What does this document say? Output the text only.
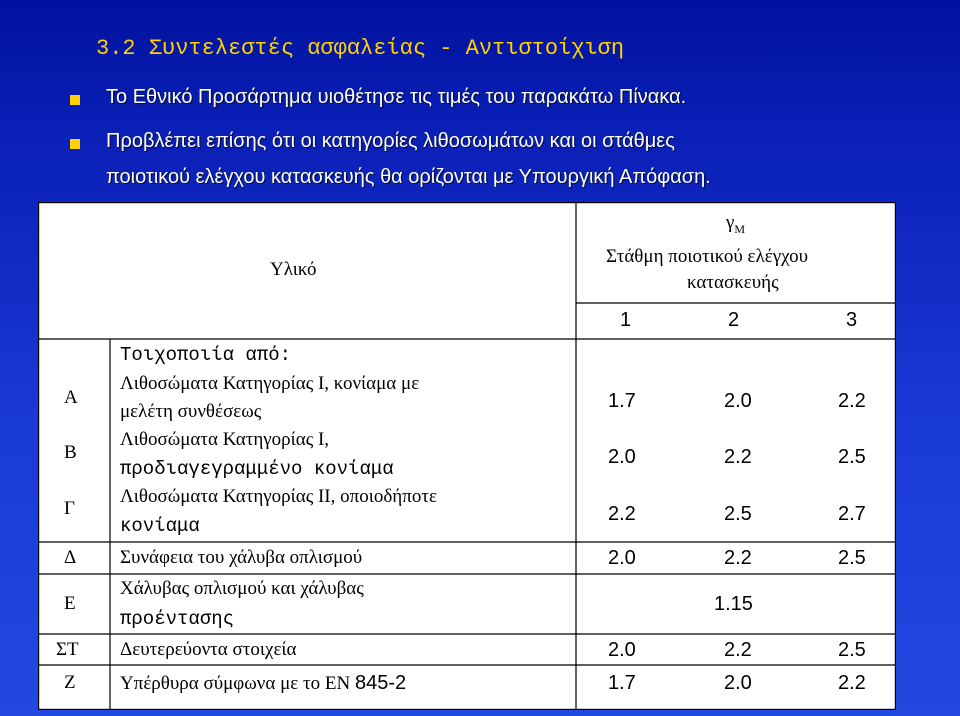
3.2 Συντελεστές ασφαλείας - Αντιστοίχιση
Το Εθνικό Προσάρτημα υιοθέτησε τις τιμές του παρακάτω Πίνακα.
Προβλέπει επίσης ότι οι κατηγορίες λιθοσωμάτων και οι στάθμες
ποιοτικού ελέγχου κατασκευής θα ορίζονται με Υπουργική Απόφαση.
Υλικό
$\gamma_M$
Στάθμη ποιοτικού ελέγχου
κατασκευής
1	2	3
Τοιχοποιία από:
Α
Λιθοσώματα Κατηγορίας Ι, κονίαμα με
μελέτη συνθέσεως	1.7	2.0	2.2
Β
Λιθοσώματα Κατηγορίας Ι,
προδιαγεγραμμένο κονίαμα
2.0	2.2	2.5
Γ
Λιθοσώματα Κατηγορίας ΙΙ, οποιοδήποτε
κονίαμα
2.2	2.5	2.7
Δ Συνάφεια του χάλυβα οπλισμού	2.0	2.2	2.5
Ε
Χάλυβας οπλισμού και χάλυβας
προέντασης
1.15
ΣΤ Δευτερεύοντα στοιχεία	2.0	2.2	2.5
Ζ Υπέρθυρα σύμφωνα με το ΕΝ 845-2	1.7	2.0	2.2
